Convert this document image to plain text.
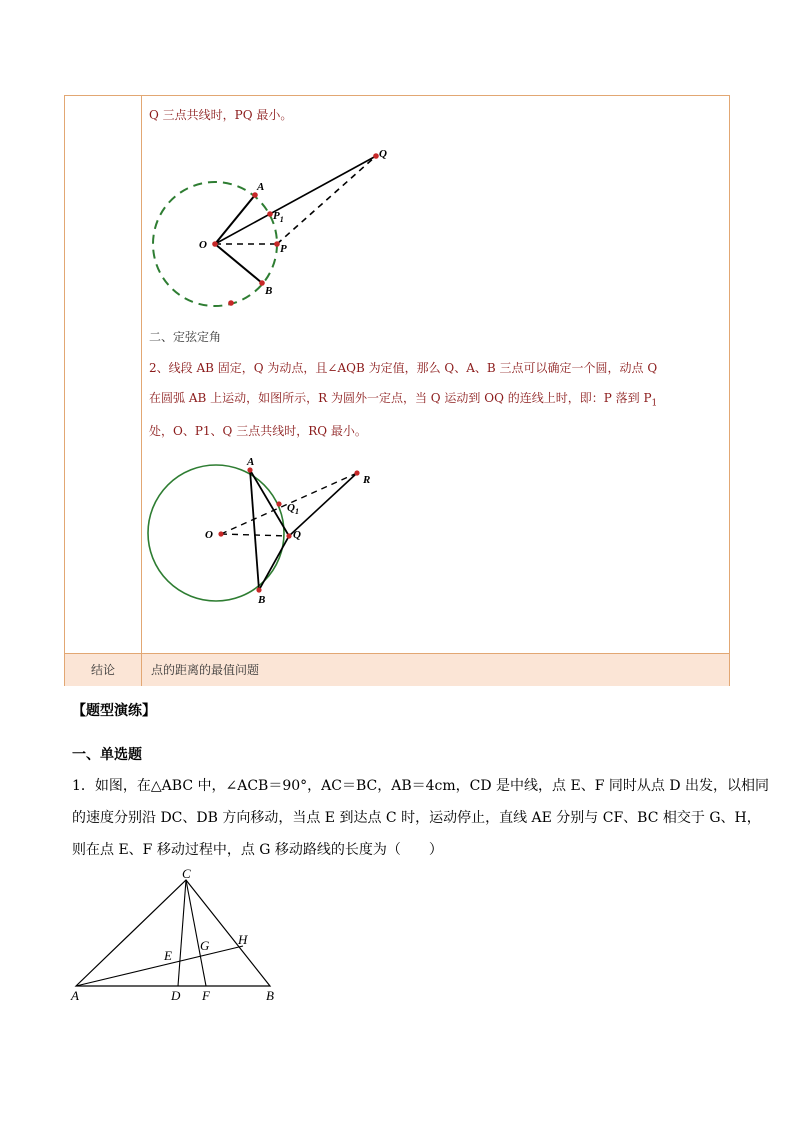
Q 三点共线时，PQ 最小。
A
O
$P_1$
P
B
Q
二、定弦定角
2、线段 AB 固定，Q 为动点，且∠AQB 为定值，那么 Q、A、B 三点可以确定一个圆，动点 Q
在圆弧 AB 上运动，如图所示，R 为圆外一定点，当 Q 运动到 OQ 的连线上时，即：P 落到 $P_1$
处，O、P1、Q 三点共线时，RQ 最小。
A
O
$Q_1$
Q
R
B
结论	点的距离的最值问题
【题型演练】
一、单选题
1．如图，在△ABC 中，∠ACB＝90°，AC＝BC，AB＝4cm，CD 是中线，点 E、F 同时从点 D 出发，以相同
的速度分别沿 DC、DB 方向移动，当点 E 到达点 C 时，运动停止，直线 AE 分别与 CF、BC 相交于 G、H，
则在点 E、F 移动过程中，点 G 移动路线的长度为（　　）
C
E
G H
A	D F	B
